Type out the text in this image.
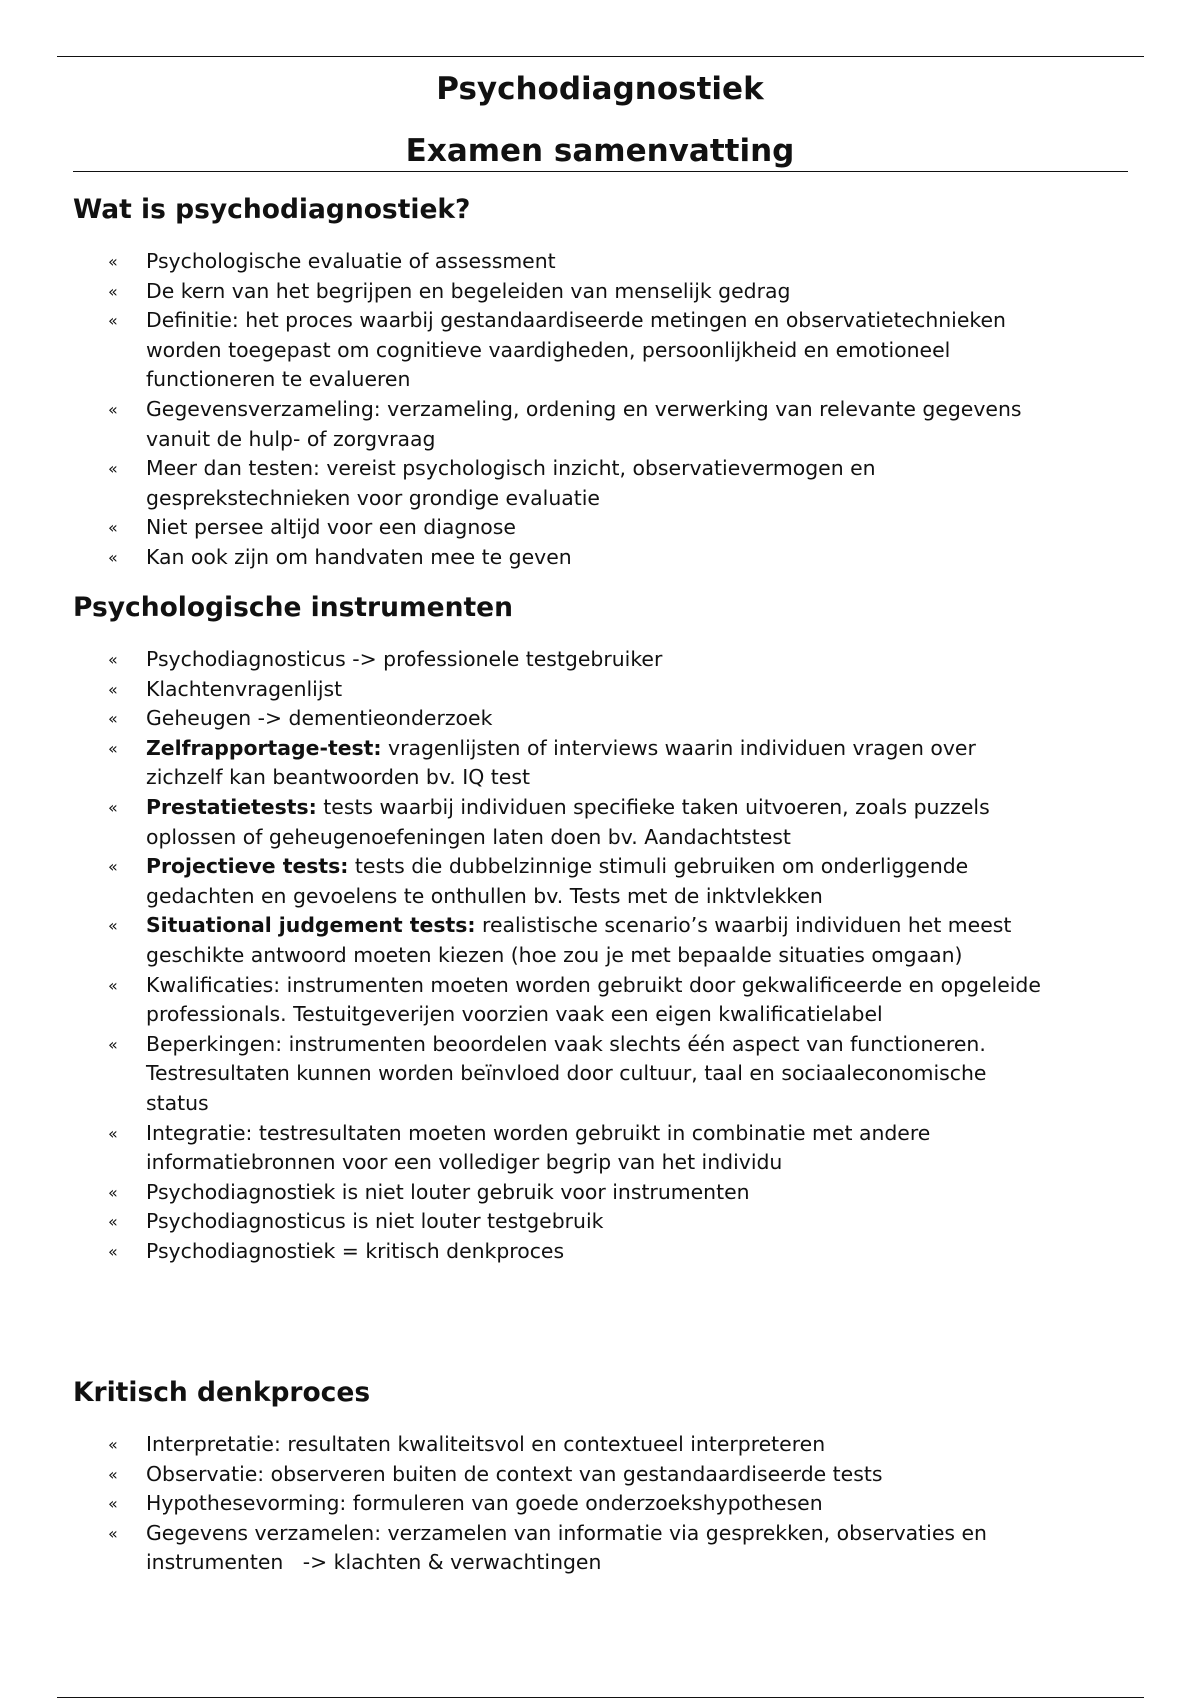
Psychodiagnostiek
Examen samenvatting
Wat is psychodiagnostiek?
« Psychologische evaluatie of assessment
« De kern van het begrijpen en begeleiden van menselijk gedrag
« Definitie: het proces waarbij gestandaardiseerde metingen en observatietechnieken
worden toegepast om cognitieve vaardigheden, persoonlijkheid en emotioneel
functioneren te evalueren
« Gegevensverzameling: verzameling, ordening en verwerking van relevante gegevens
vanuit de hulp- of zorgvraag
« Meer dan testen: vereist psychologisch inzicht, observatievermogen en
gesprekstechnieken voor grondige evaluatie
« Niet persee altijd voor een diagnose
« Kan ook zijn om handvaten mee te geven
Psychologische instrumenten
« Psychodiagnosticus -> professionele testgebruiker
« Klachtenvragenlijst
« Geheugen -> dementieonderzoek
« Zelfrapportage-test: vragenlijsten of interviews waarin individuen vragen over
zichzelf kan beantwoorden bv. IQ test
« Prestatietests: tests waarbij individuen specifieke taken uitvoeren, zoals puzzels
oplossen of geheugenoefeningen laten doen bv. Aandachtstest
« Projectieve tests: tests die dubbelzinnige stimuli gebruiken om onderliggende
gedachten en gevoelens te onthullen bv. Tests met de inktvlekken
« Situational judgement tests: realistische scenario’s waarbij individuen het meest
geschikte antwoord moeten kiezen (hoe zou je met bepaalde situaties omgaan)
« Kwalificaties: instrumenten moeten worden gebruikt door gekwalificeerde en opgeleide
professionals. Testuitgeverijen voorzien vaak een eigen kwalificatielabel
« Beperkingen: instrumenten beoordelen vaak slechts één aspect van functioneren.
Testresultaten kunnen worden beïnvloed door cultuur, taal en sociaaleconomische
status
« Integratie: testresultaten moeten worden gebruikt in combinatie met andere
informatiebronnen voor een vollediger begrip van het individu
« Psychodiagnostiek is niet louter gebruik voor instrumenten
« Psychodiagnosticus is niet louter testgebruik
« Psychodiagnostiek = kritisch denkproces
Kritisch denkproces
« Interpretatie: resultaten kwaliteitsvol en contextueel interpreteren
« Observatie: observeren buiten de context van gestandaardiseerde tests
« Hypothesevorming: formuleren van goede onderzoekshypothesen
« Gegevens verzamelen: verzamelen van informatie via gesprekken, observaties en
instrumenten   -> klachten & verwachtingen
